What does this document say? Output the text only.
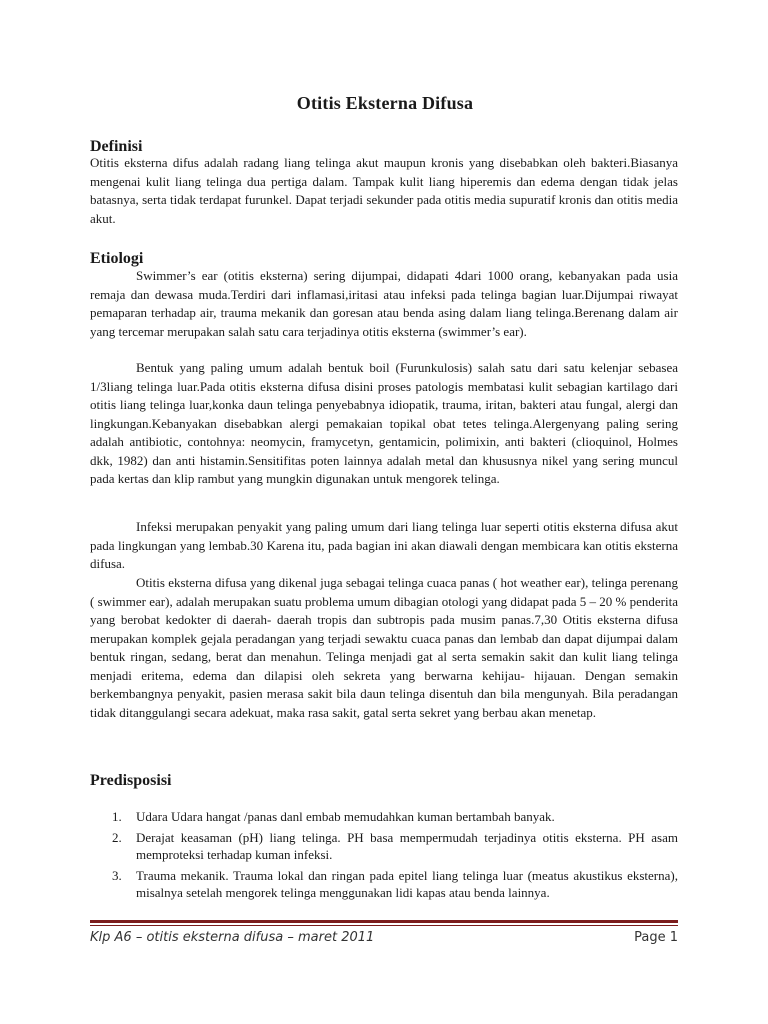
Otitis Eksterna Difusa
Definisi

Otitis eksterna difus adalah radang liang telinga akut maupun kronis yang disebabkan oleh bakteri.Biasanya mengenai kulit liang telinga dua pertiga dalam. Tampak kulit liang hiperemis dan edema dengan tidak jelas batasnya, serta tidak terdapat furunkel. Dapat terjadi sekunder pada otitis media supuratif kronis dan otitis media akut.

Etiologi

Swimmer’s ear (otitis eksterna) sering dijumpai, didapati 4dari 1000 orang, kebanyakan pada usia remaja dan dewasa muda.Terdiri dari inflamasi,iritasi atau infeksi pada telinga bagian luar.Dijumpai riwayat pemaparan terhadap air, trauma mekanik dan goresan atau benda asing dalam liang telinga.Berenang dalam air yang tercemar merupakan salah satu cara terjadinya otitis eksterna (swimmer’s ear).

Bentuk yang paling umum adalah bentuk boil (Furunkulosis) salah satu dari satu kelenjar sebasea 1/3liang telinga luar.Pada otitis eksterna difusa disini proses patologis membatasi kulit sebagian kartilago dari otitis liang telinga luar,konka daun telinga penyebabnya idiopatik, trauma, iritan, bakteri atau fungal, alergi dan lingkungan.Kebanyakan disebabkan alergi pemakaian topikal obat tetes telinga.Alergenyang paling sering adalah antibiotic, contohnya: neomycin, framycetyn, gentamicin, polimixin, anti bakteri (clioquinol, Holmes dkk, 1982) dan anti histamin.Sensitifitas poten lainnya adalah metal dan khususnya nikel yang sering muncul pada kertas dan klip rambut yang mungkin digunakan untuk mengorek telinga.

Infeksi merupakan penyakit yang paling umum dari liang telinga luar seperti otitis eksterna difusa akut pada lingkungan yang lembab.30 Karena itu, pada bagian ini akan diawali dengan membicara kan otitis eksterna difusa.

Otitis eksterna difusa yang dikenal juga sebagai telinga cuaca panas ( hot weather ear), telinga perenang ( swimmer ear), adalah merupakan suatu problema umum dibagian otologi yang didapat pada 5 – 20 % penderita yang berobat kedokter di daerah- daerah tropis dan subtropis pada musim panas.7,30 Otitis eksterna difusa merupakan komplek gejala peradangan yang terjadi sewaktu cuaca panas dan lembab dan dapat dijumpai dalam bentuk ringan, sedang, berat dan menahun. Telinga menjadi gat al serta semakin sakit dan kulit liang telinga menjadi eritema, edema dan dilapisi oleh sekreta yang berwarna kehijau- hijauan. Dengan semakin berkembangnya penyakit, pasien merasa sakit bila daun telinga disentuh dan bila mengunyah. Bila peradangan tidak ditanggulangi secara adekuat, maka rasa sakit, gatal serta sekret yang berbau akan menetap.

Predisposisi
1. Udara Udara hangat /panas danl embab memudahkan kuman bertambah banyak.
2. Derajat keasaman (pH) liang telinga. PH basa mempermudah terjadinya otitis eksterna. PH asam memproteksi terhadap kuman infeksi.
3. Trauma mekanik. Trauma lokal dan ringan pada epitel liang telinga luar (meatus akustikus eksterna), misalnya setelah mengorek telinga menggunakan lidi kapas atau benda lainnya.
Klp A6 – otitis eksterna difusa – maret 2011	Page 1
